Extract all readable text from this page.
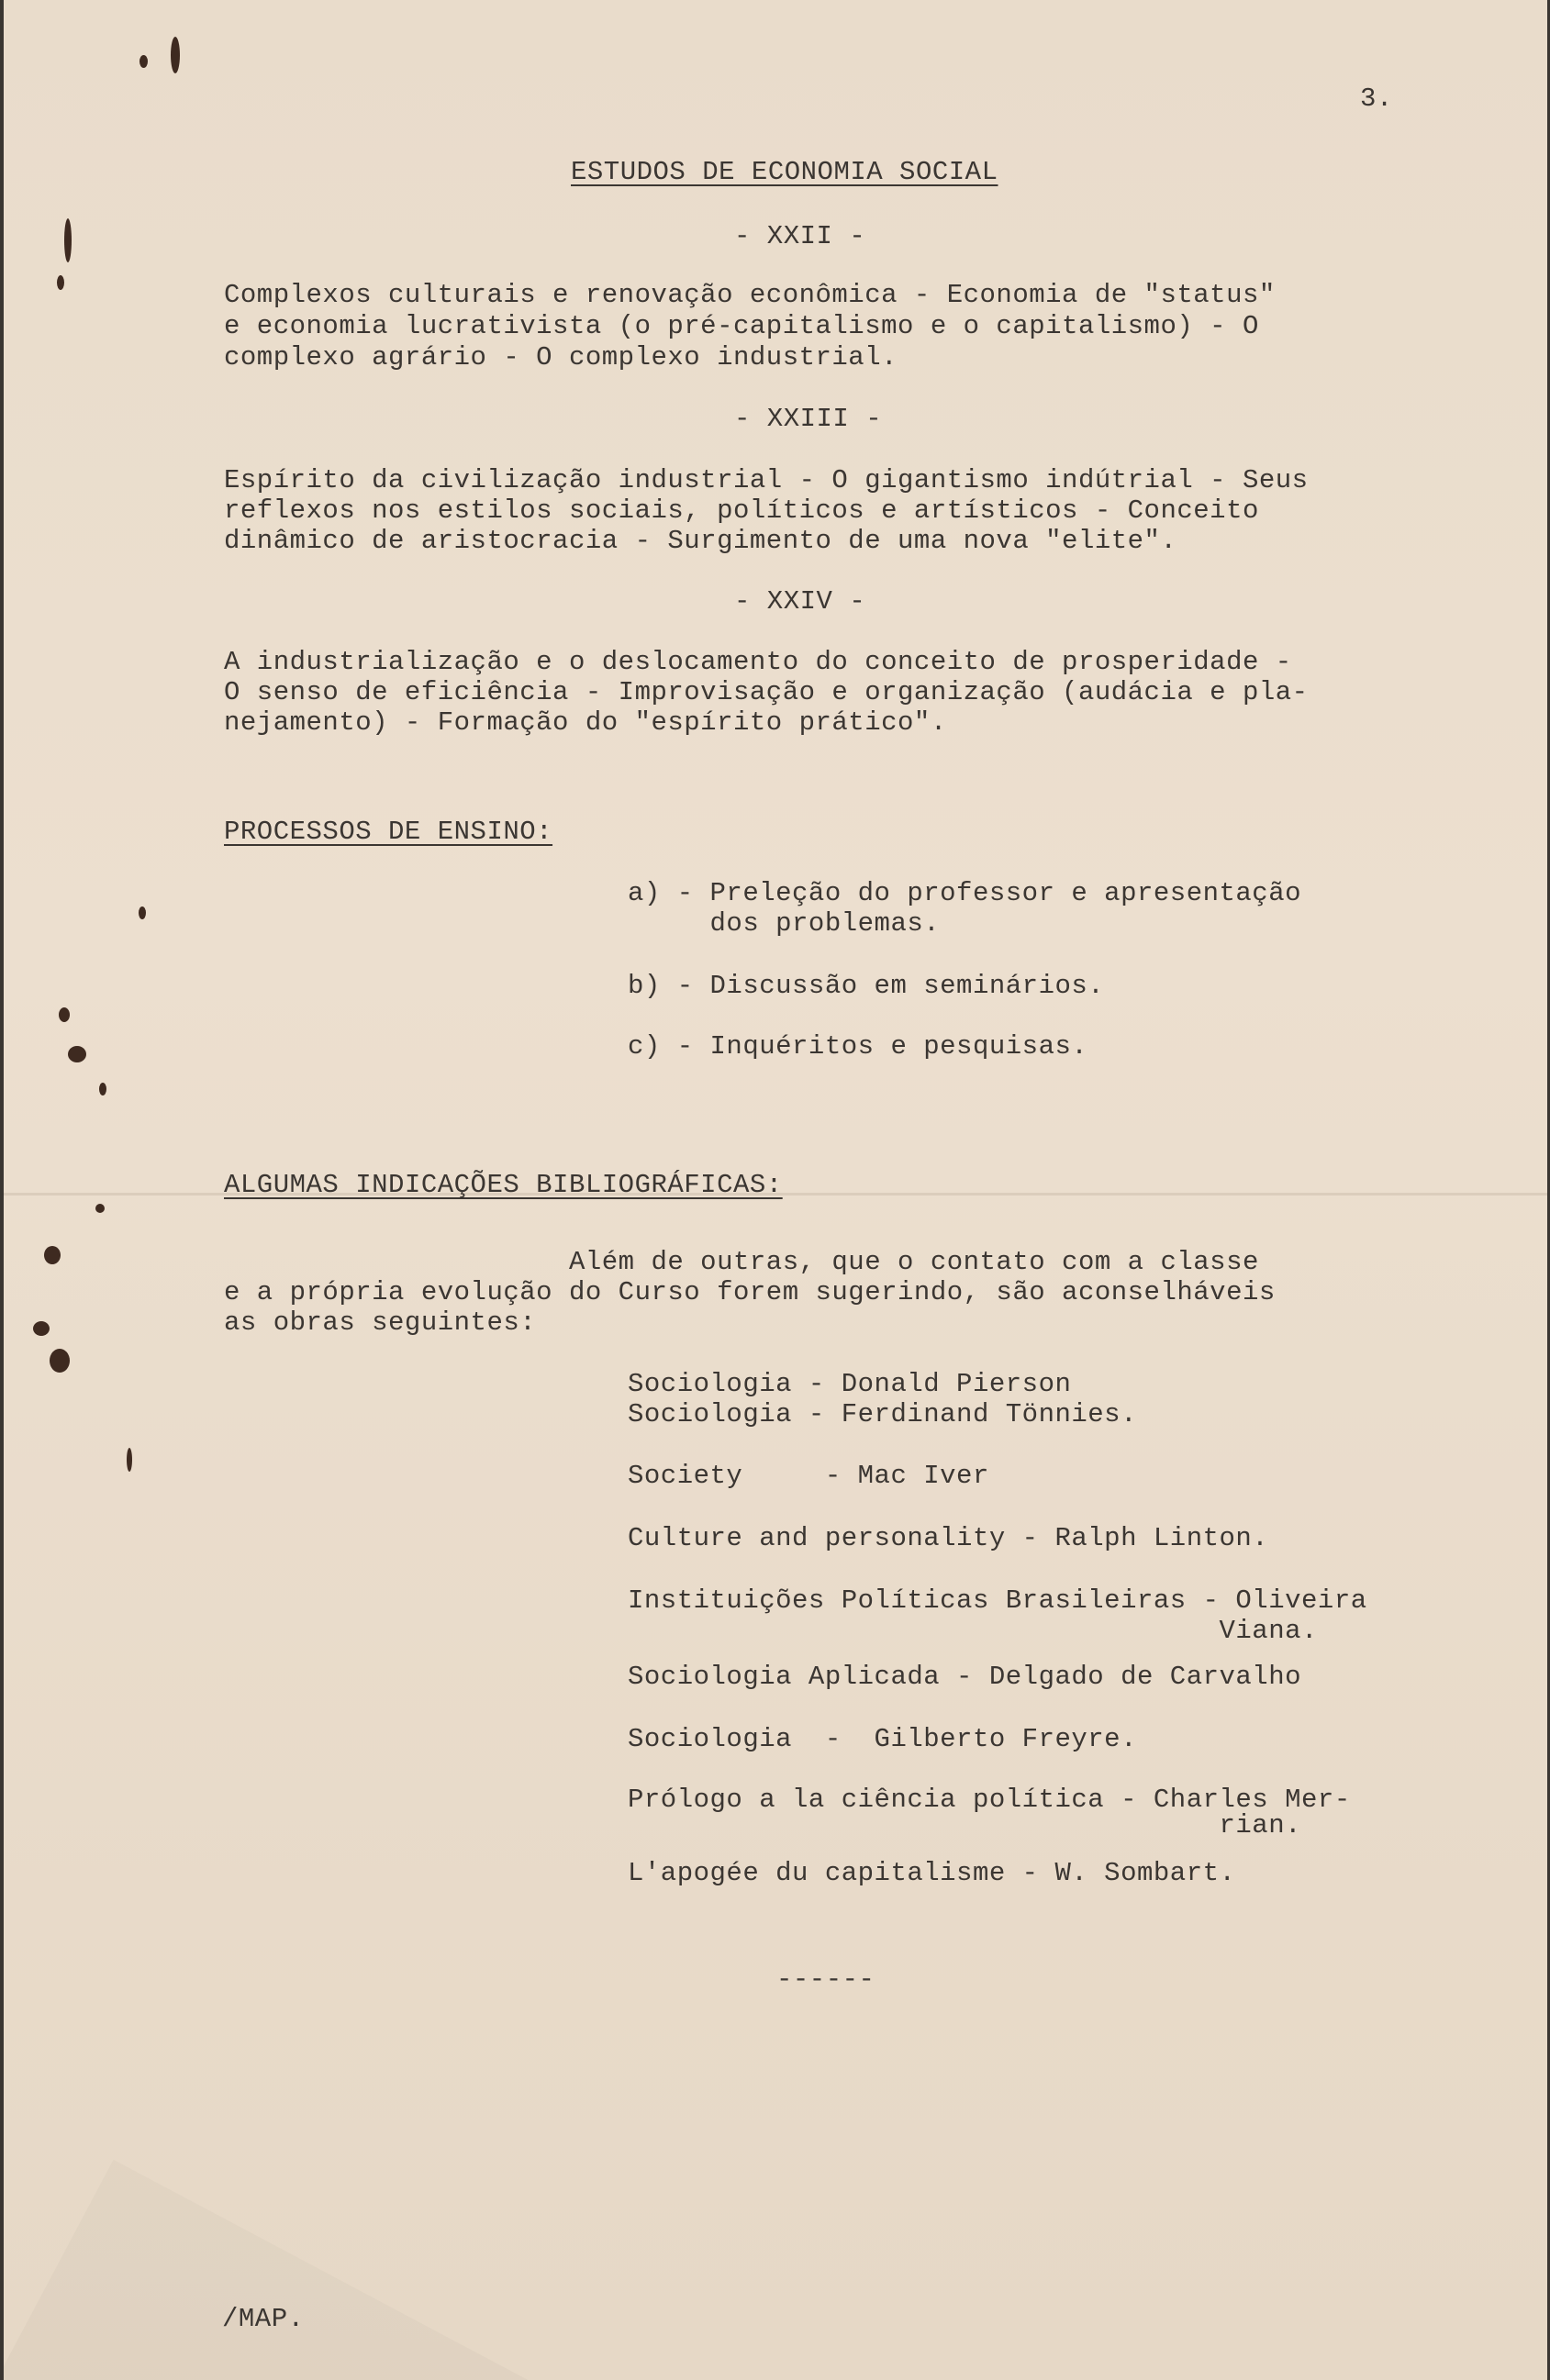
3.
ESTUDOS DE ECONOMIA SOCIAL
- XXII -
Complexos culturais e renovação econômica - Economia de "status"
e economia lucrativista (o pré-capitalismo e o capitalismo) - O
complexo agrário - O complexo industrial.
- XXIII -
Espírito da civilização industrial - O gigantismo indútrial - Seus
reflexos nos estilos sociais, políticos e artísticos - Conceito
dinâmico de aristocracia - Surgimento de uma nova "elite".
- XXIV -
A industrialização e o deslocamento do conceito de prosperidade -
O senso de eficiência - Improvisação e organização (audácia e pla-
nejamento) - Formação do "espírito prático".
PROCESSOS DE ENSINO:
a) - Preleção do professor e apresentação
dos problemas.
b) - Discussão em seminários.
c) - Inquéritos e pesquisas.
ALGUMAS INDICAÇÕES BIBLIOGRÁFICAS:
Além de outras, que o contato com a classe
e a própria evolução do Curso forem sugerindo, são aconselháveis
as obras seguintes:
Sociologia - Donald Pierson
Sociologia - Ferdinand Tönnies.
Society     - Mac Iver
Culture and personality - Ralph Linton.
Instituições Políticas Brasileiras - Oliveira
Viana.
Sociologia Aplicada - Delgado de Carvalho
Sociologia  -  Gilberto Freyre.
Prólogo a la ciência política - Charles Mer-
rian.
L'apogée du capitalisme - W. Sombart.
------
/MAP.
